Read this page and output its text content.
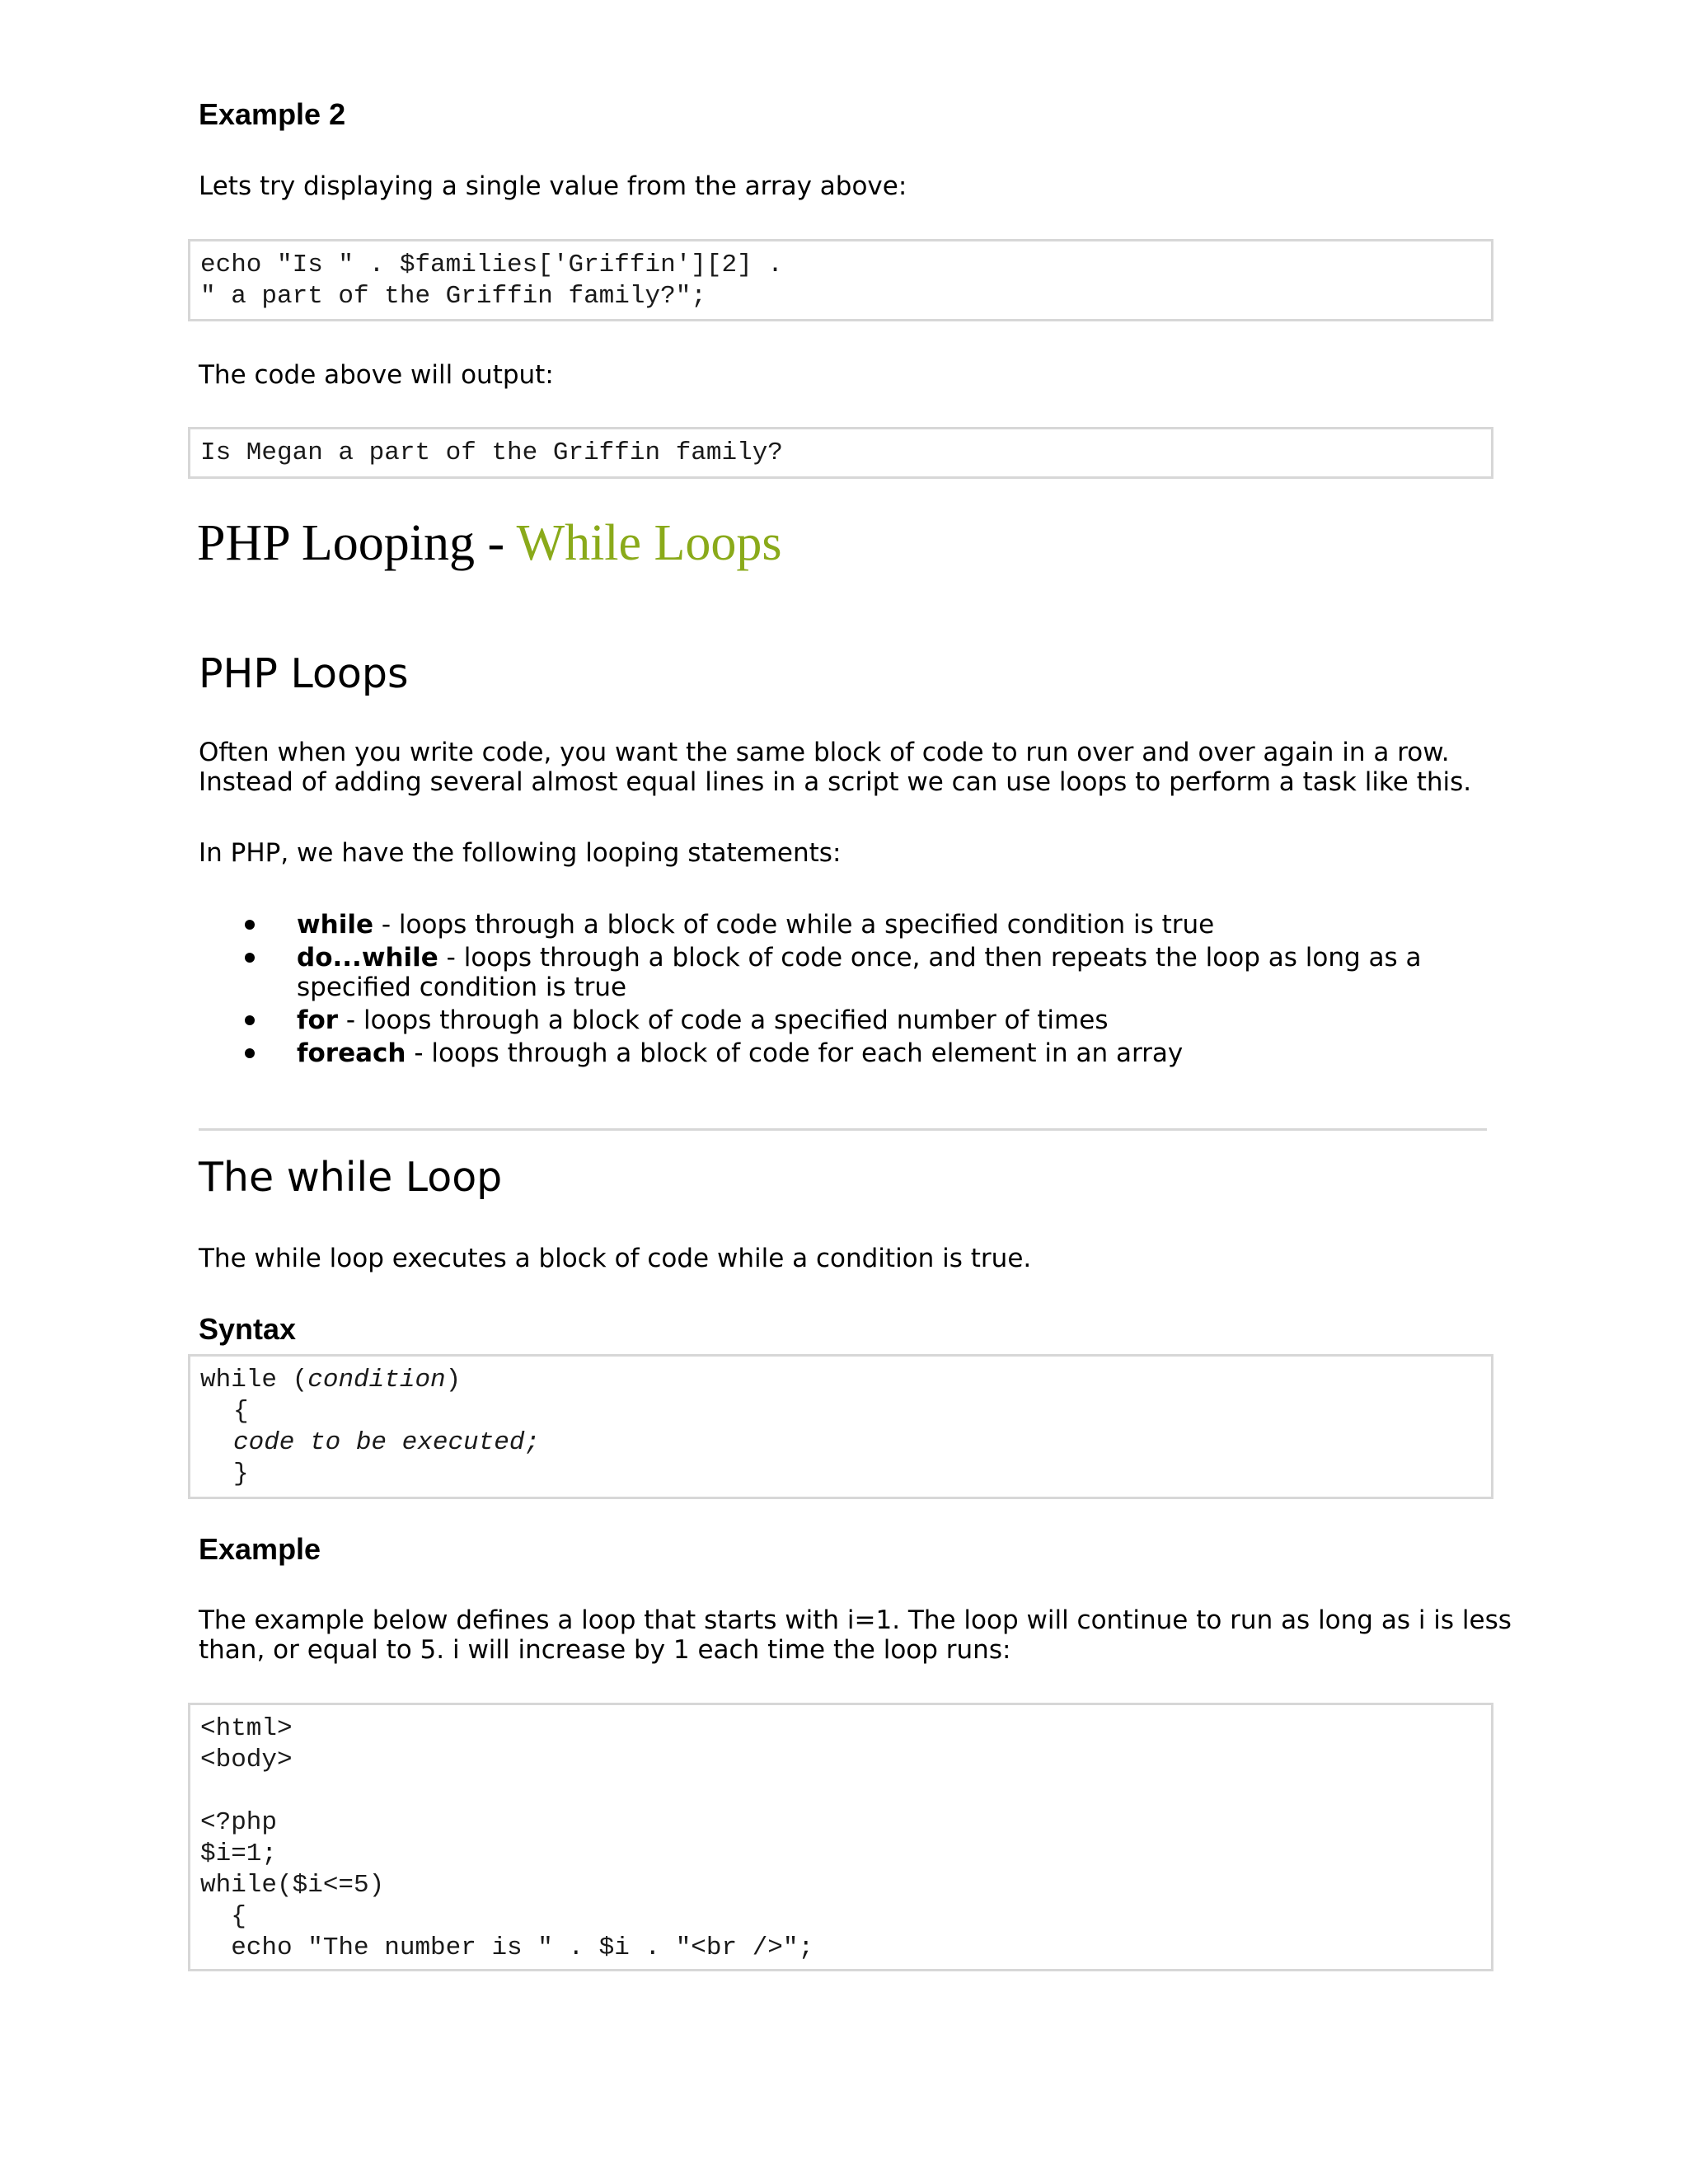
Example 2

Lets try displaying a single value from the array above:

echo "Is " . $families['Griffin'][2] .
" a part of the Griffin family?";

The code above will output:

Is Megan a part of the Griffin family?
PHP Looping - While Loops
PHP Loops

Often when you write code, you want the same block of code to run over and over again in a row.

Instead of adding several almost equal lines in a script we can use loops to perform a task like this.

In PHP, we have the following looping statements:

while - loops through a block of code while a specified condition is true
do...while - loops through a block of code once, and then repeats the loop as long as a
specified condition is true
for - loops through a block of code a specified number of times
foreach - loops through a block of code for each element in an array
The while Loop

The while loop executes a block of code while a condition is true.

Syntax
while (condition)
{
code to be executed;
}
Example

The example below defines a loop that starts with i=1. The loop will continue to run as long as i is less

than, or equal to 5. i will increase by 1 each time the loop runs:

<html>
<body>
<?php
$i=1;
while($i<=5)
{
echo "The number is " . $i . "<br />";
